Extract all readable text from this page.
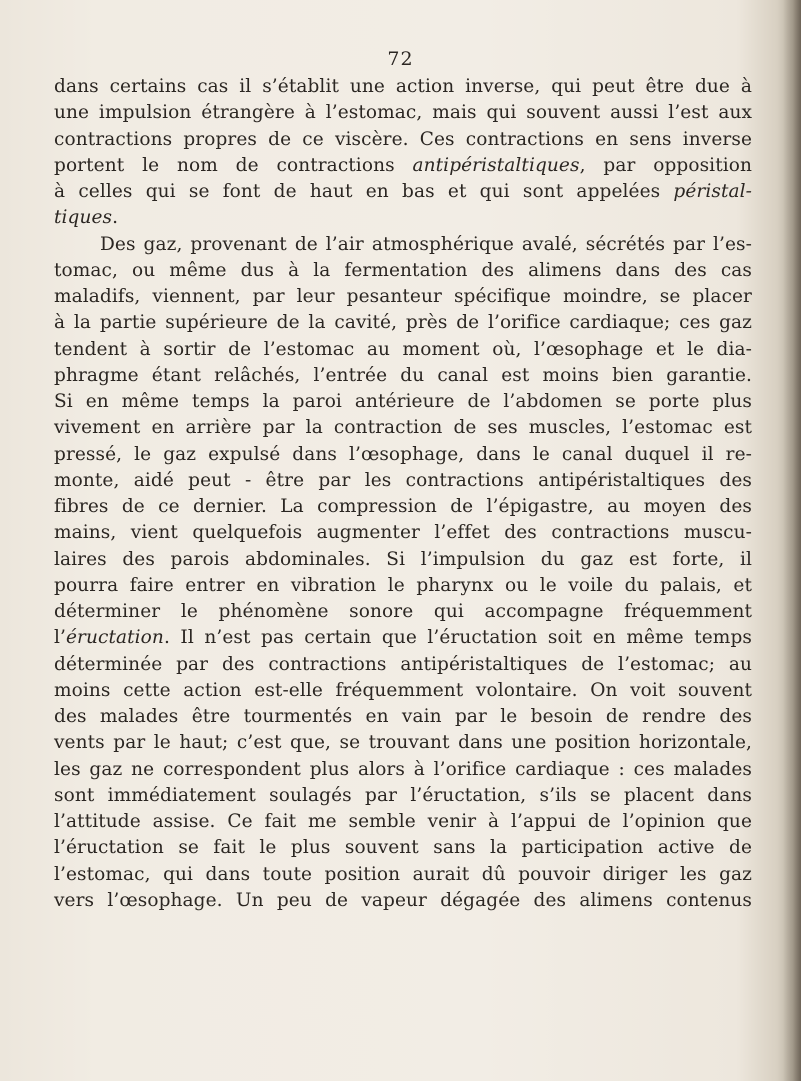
72
dans certains cas il s’établit une action inverse, qui peut être due à
une impulsion étrangère à l’estomac, mais qui souvent aussi l’est aux
contractions propres de ce viscère. Ces contractions en sens inverse
portent le nom de contractions antipéristaltiques, par opposition
à celles qui se font de haut en bas et qui sont appelées péristal-
tiques.
Des gaz, provenant de l’air atmosphérique avalé, sécrétés par l’es-
tomac, ou même dus à la fermentation des alimens dans des cas
maladifs, viennent, par leur pesanteur spécifique moindre, se placer
à la partie supérieure de la cavité, près de l’orifice cardiaque; ces gaz
tendent à sortir de l’estomac au moment où, l’œsophage et le dia-
phragme étant relâchés, l’entrée du canal est moins bien garantie.
Si en même temps la paroi antérieure de l’abdomen se porte plus
vivement en arrière par la contraction de ses muscles, l’estomac est
pressé, le gaz expulsé dans l’œsophage, dans le canal duquel il re-
monte, aidé peut - être par les contractions antipéristaltiques des
fibres de ce dernier. La compression de l’épigastre, au moyen des
mains, vient quelquefois augmenter l’effet des contractions muscu-
laires des parois abdominales. Si l’impulsion du gaz est forte, il
pourra faire entrer en vibration le pharynx ou le voile du palais, et
déterminer le phénomène sonore qui accompagne fréquemment
l’éructation. Il n’est pas certain que l’éructation soit en même temps
déterminée par des contractions antipéristaltiques de l’estomac; au
moins cette action est-elle fréquemment volontaire. On voit souvent
des malades être tourmentés en vain par le besoin de rendre des
vents par le haut; c’est que, se trouvant dans une position horizontale,
les gaz ne correspondent plus alors à l’orifice cardiaque : ces malades
sont immédiatement soulagés par l’éructation, s’ils se placent dans
l’attitude assise. Ce fait me semble venir à l’appui de l’opinion que
l’éructation se fait le plus souvent sans la participation active de
l’estomac, qui dans toute position aurait dû pouvoir diriger les gaz
vers l’œsophage. Un peu de vapeur dégagée des alimens contenus
